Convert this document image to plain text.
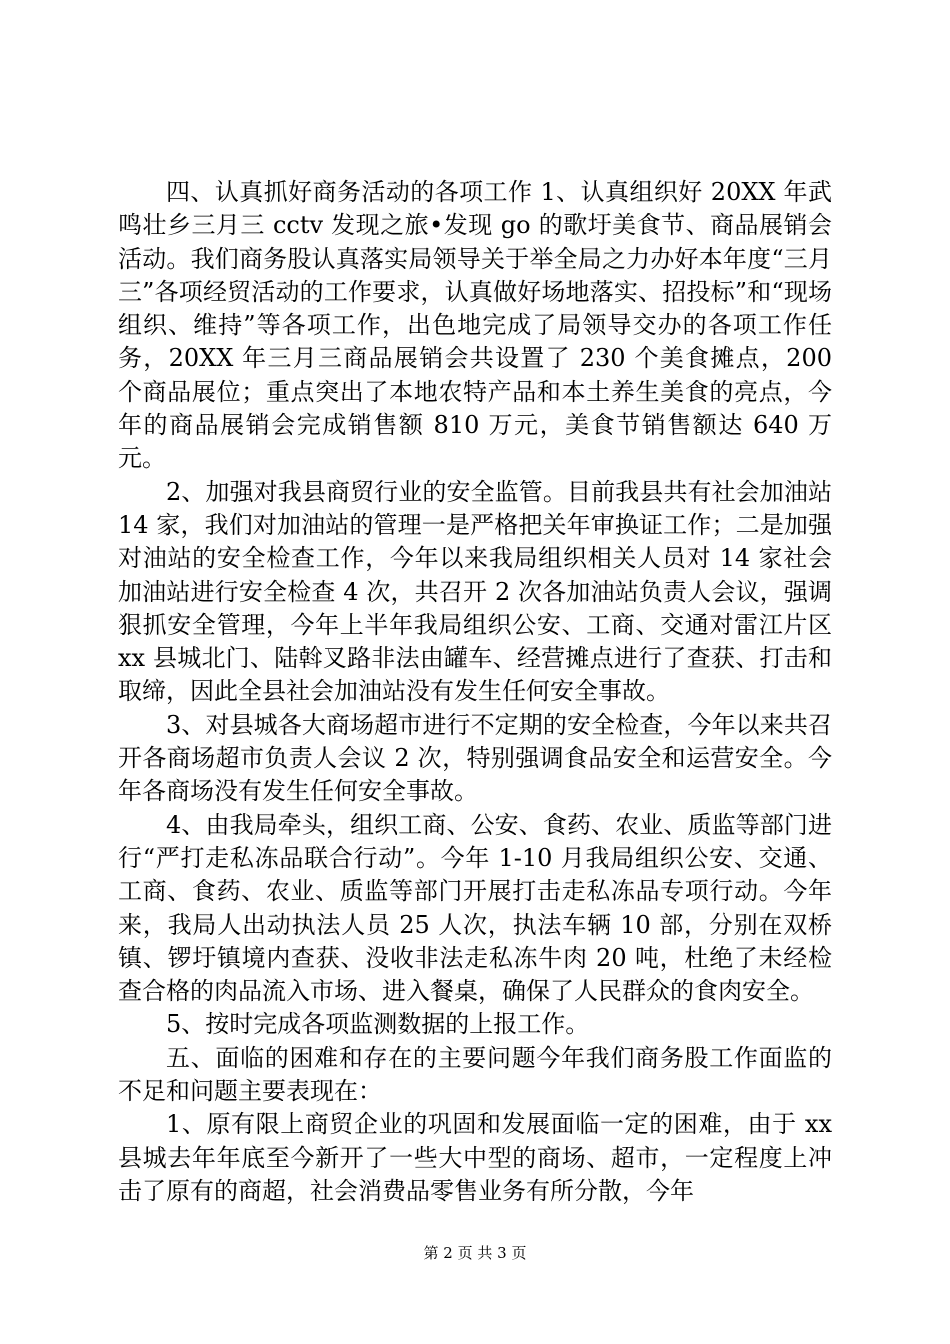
四、认真抓好商务活动的各项工作 1、认真组织好 20XX 年武鸣壮乡三月三 cctv 发现之旅•发现 go 的歌圩美食节、商品展销会活动。我们商务股认真落实局领导关于举全局之力办好本年度“三月三”各项经贸活动的工作要求，认真做好场地落实、招投标”和“现场组织、维持”等各项工作，出色地完成了局领导交办的各项工作任务，20XX 年三月三商品展销会共设置了 230 个美食摊点，200 个商品展位；重点突出了本地农特产品和本土养生美食的亮点，今年的商品展销会完成销售额 810 万元，美食节销售额达 640 万元。

2、加强对我县商贸行业的安全监管。目前我县共有社会加油站 14 家，我们对加油站的管理一是严格把关年审换证工作；二是加强对油站的安全检查工作，今年以来我局组织相关人员对 14 家社会加油站进行安全检查 4 次，共召开 2 次各加油站负责人会议，强调狠抓安全管理，今年上半年我局组织公安、工商、交通对雷江片区 xx 县城北门、陆斡叉路非法由罐车、经营摊点进行了查获、打击和取缔，因此全县社会加油站没有发生任何安全事故。

3、对县城各大商场超市进行不定期的安全检查，今年以来共召开各商场超市负责人会议 2 次，特别强调食品安全和运营安全。今年各商场没有发生任何安全事故。

4、由我局牵头，组织工商、公安、食药、农业、质监等部门进行“严打走私冻品联合行动”。今年 1-10 月我局组织公安、交通、工商、食药、农业、质监等部门开展打击走私冻品专项行动。今年来，我局人出动执法人员 25 人次，执法车辆 10 部，分别在双桥镇、锣圩镇境内查获、没收非法走私冻牛肉 20 吨，杜绝了未经检查合格的肉品流入市场、进入餐桌，确保了人民群众的食肉安全。

5、按时完成各项监测数据的上报工作。

五、面临的困难和存在的主要问题今年我们商务股工作面监的不足和问题主要表现在：

1、原有限上商贸企业的巩固和发展面临一定的困难，由于 xx 县城去年年底至今新开了一些大中型的商场、超市，一定程度上冲击了原有的商超，社会消费品零售业务有所分散，今年

第 2 页 共 3 页
